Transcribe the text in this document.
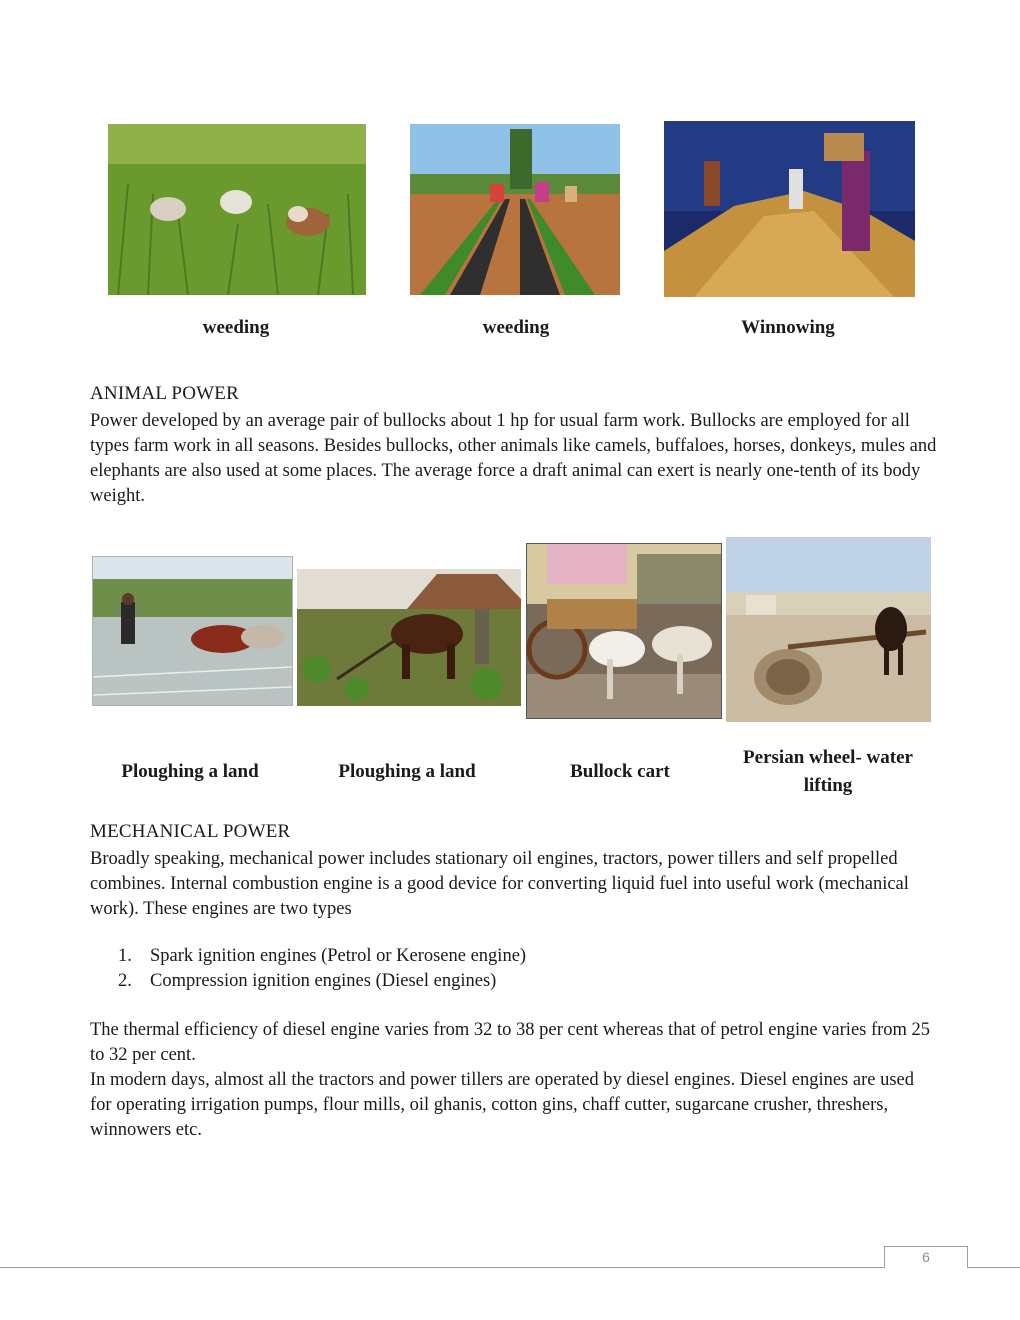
weeding	weeding	Winnowing
ANIMAL POWER

Power developed by an average pair of bullocks about 1 hp for usual farm work. Bullocks are employed for all types farm work in all seasons. Besides bullocks, other animals like camels, buffaloes, horses, donkeys, mules and elephants are also used at some places. The average force a draft animal can exert is nearly one-tenth of its body weight.

Ploughing a land	Ploughing a land	Bullock cart
Persian wheel- water lifting
MECHANICAL POWER

Broadly speaking, mechanical power includes stationary oil engines, tractors, power tillers and self propelled combines. Internal combustion engine is a good device for converting liquid fuel into useful work (mechanical work). These engines are two types

1. Spark ignition engines (Petrol or Kerosene engine)
2. Compression ignition engines (Diesel engines)

The thermal efficiency of diesel engine varies from 32 to 38 per cent whereas that of petrol engine varies from 25 to 32 per cent.

In modern days, almost all the tractors and power tillers are operated by diesel engines. Diesel engines are used for operating irrigation pumps, flour mills, oil ghanis, cotton gins, chaff cutter, sugarcane crusher, threshers, winnowers etc.

6
